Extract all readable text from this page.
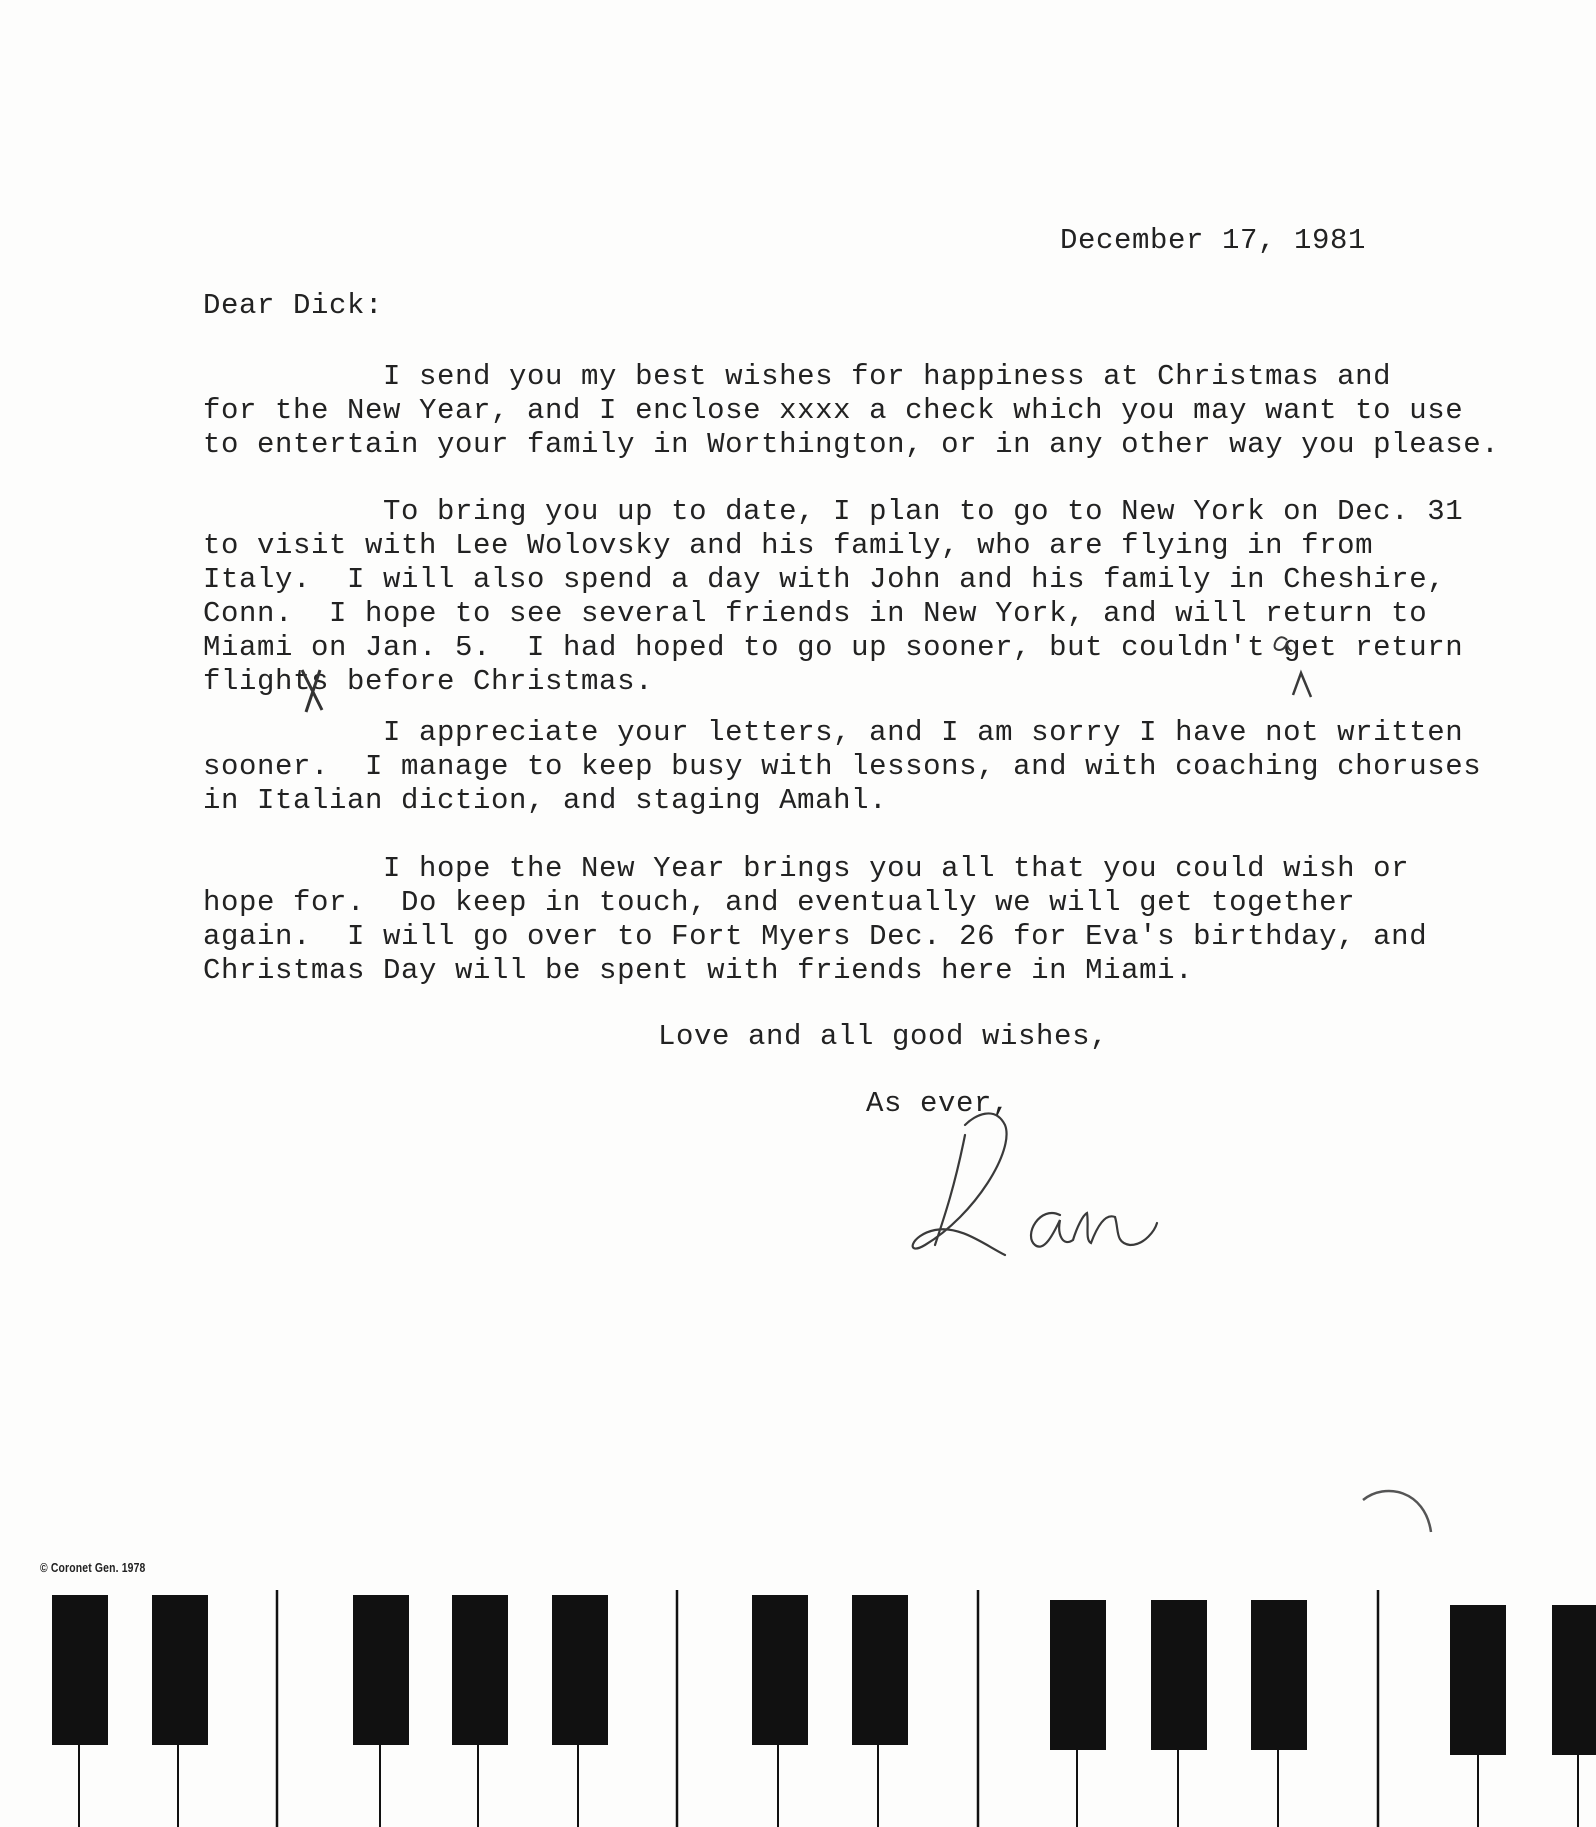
December 17, 1981
Dear Dick:
I send you my best wishes for happiness at Christmas and
for the New Year, and I enclose xxxx a check which you may want to use
to entertain your family in Worthington, or in any other way you please.
To bring you up to date, I plan to go to New York on Dec. 31
to visit with Lee Wolovsky and his family, who are flying in from
Italy.  I will also spend a day with John and his family in Cheshire,
Conn.  I hope to see several friends in New York, and will return to
Miami on Jan. 5.  I had hoped to go up sooner, but couldn't get return
flights before Christmas.
I appreciate your letters, and I am sorry I have not written
sooner.  I manage to keep busy with lessons, and with coaching choruses
in Italian diction, and staging Amahl.
I hope the New Year brings you all that you could wish or
hope for.  Do keep in touch, and eventually we will get together
again.  I will go over to Fort Myers Dec. 26 for Eva's birthday, and
Christmas Day will be spent with friends here in Miami.
Love and all good wishes,
As ever,
© Coronet Gen. 1978
